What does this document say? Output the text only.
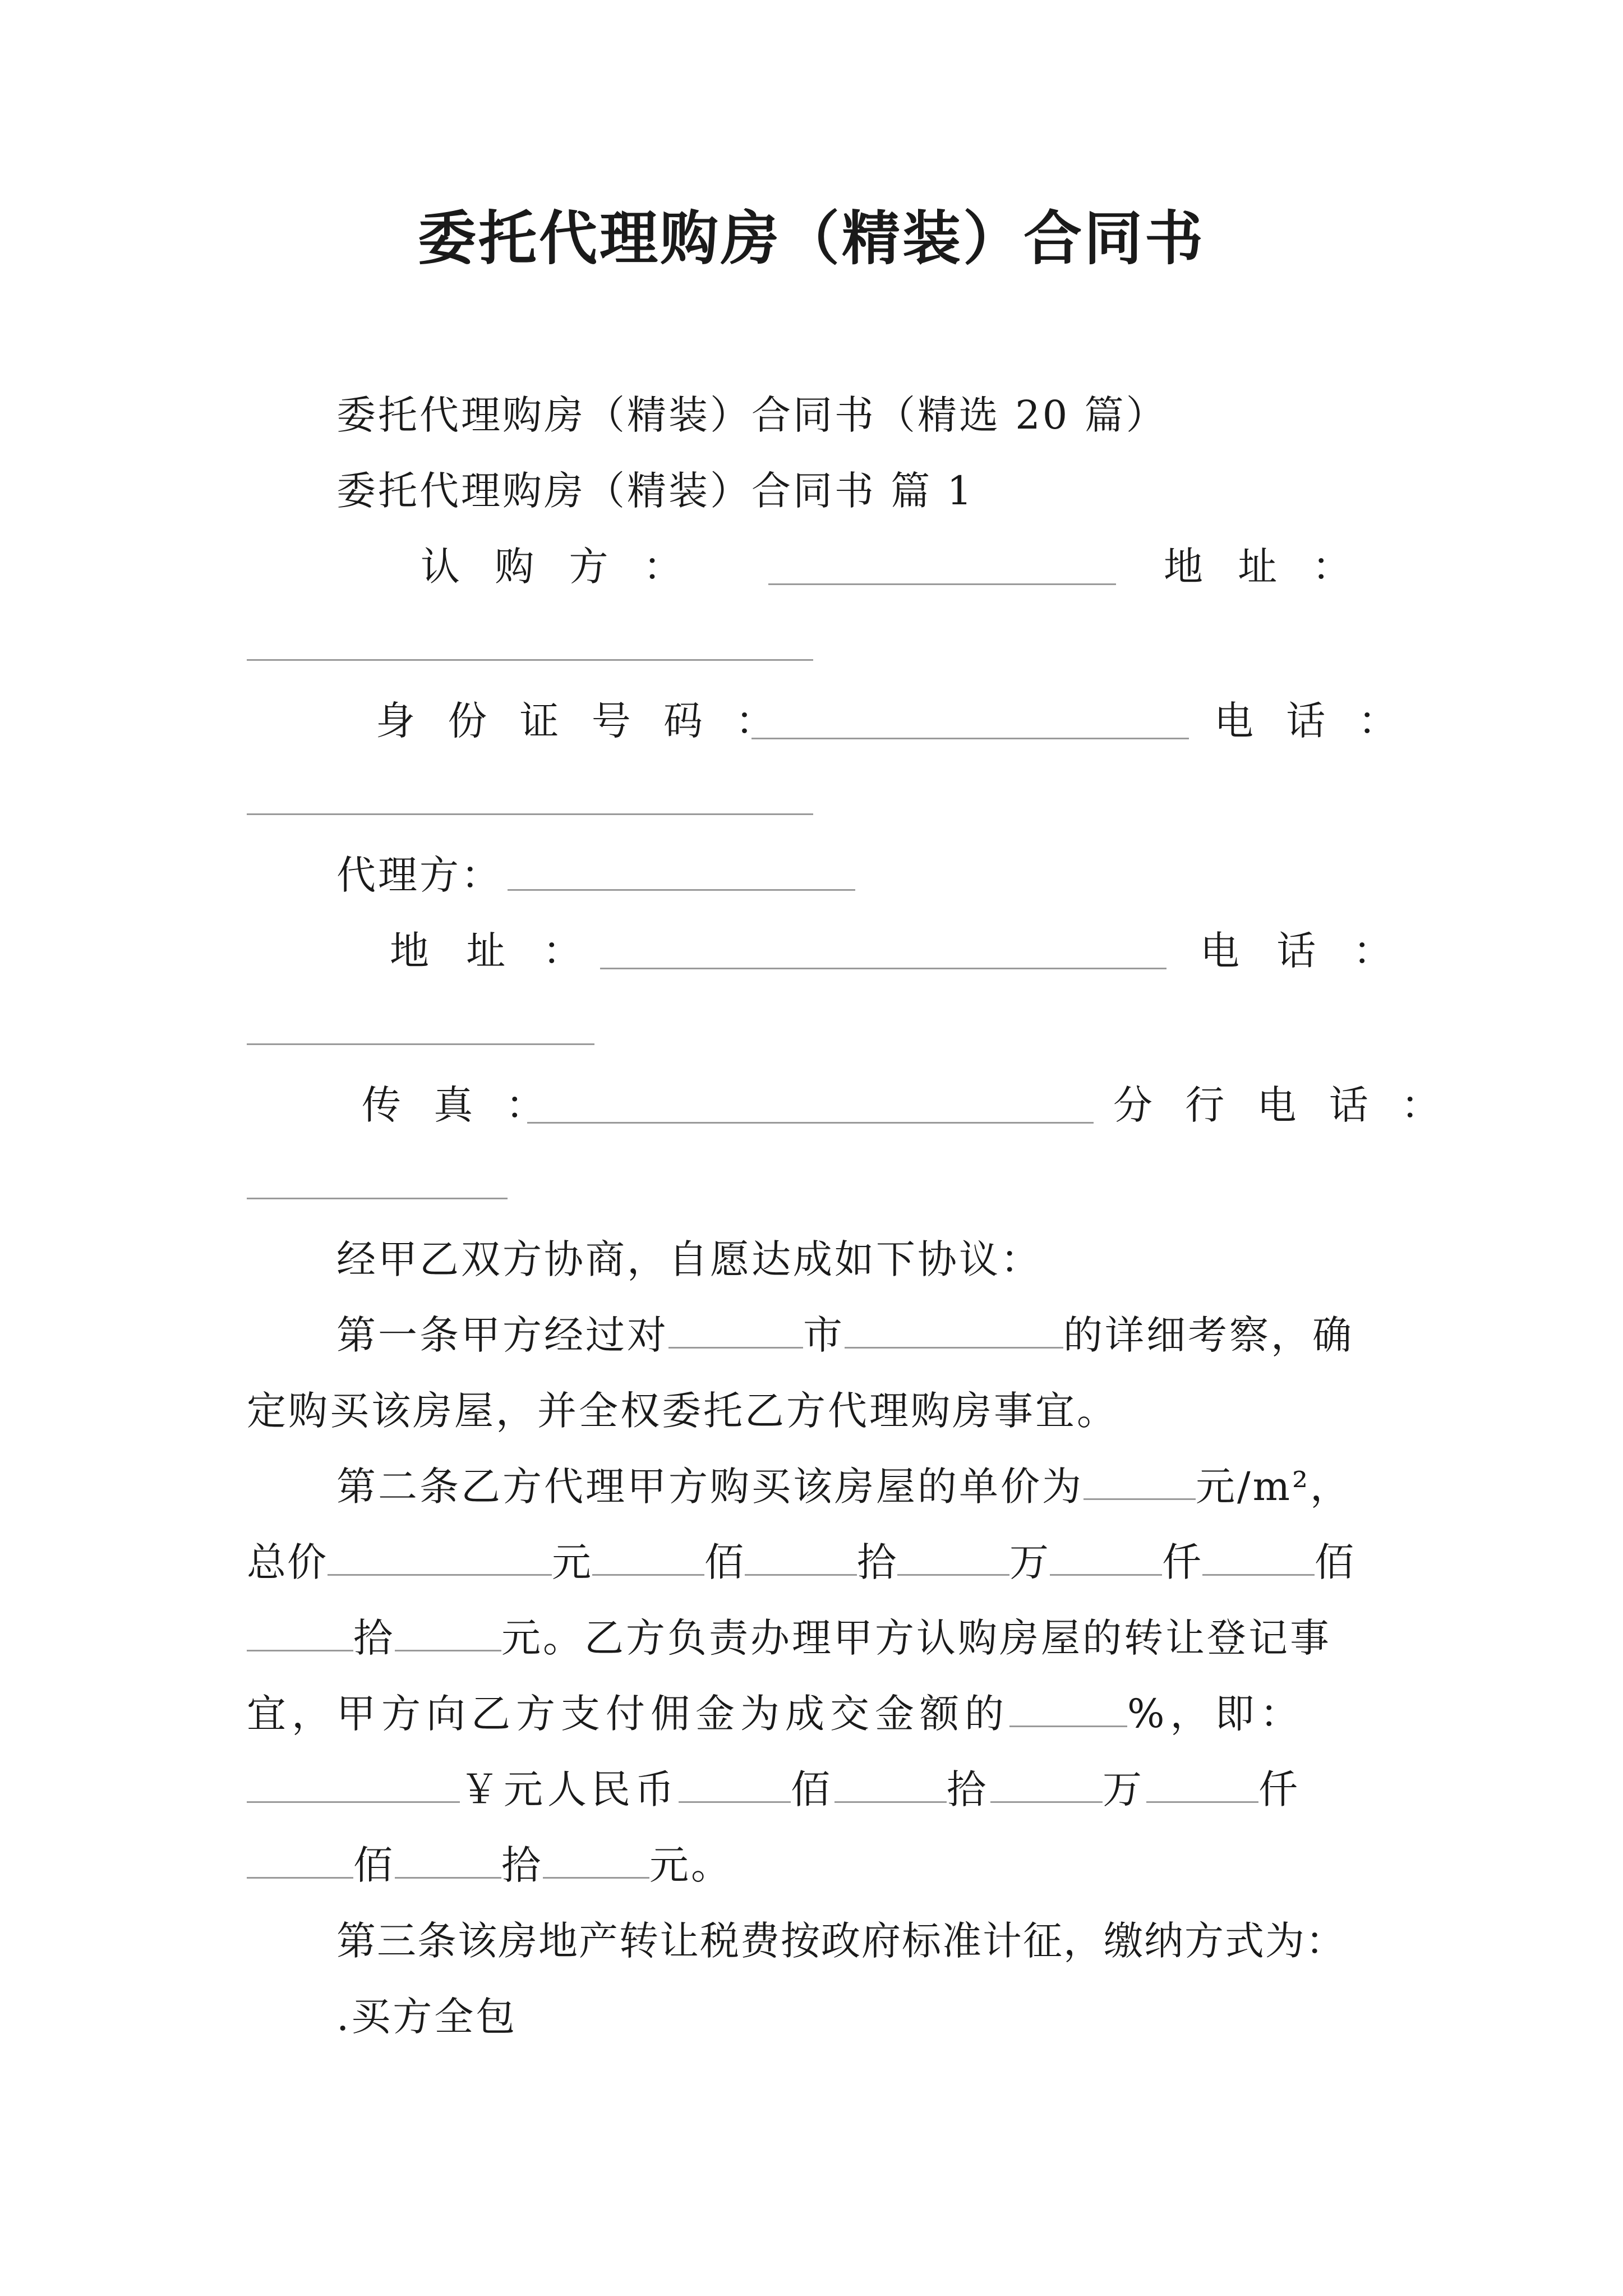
委托代理购房（精装）合同书
委托代理购房（精装）合同书（精选 20 篇）
委托代理购房（精装）合同书 篇 1
认 购 方 ：	地 址 ：
身 份 证 号 码 ：	电 话 ：
代理方：
地 址 ：	电 话 ：
传 真 ：	分 行 电 话 ：
经甲乙双方协商，自愿达成如下协议：
第一条甲方经过对	市	的详细考察，确
定购买该房屋，并全权委托乙方代理购房事宜。
第二条乙方代理甲方购买该房屋的单价为	元/m²，
总价	元	佰	拾	万	仟	佰
拾	元。乙方负责办理甲方认购房屋的转让登记事
宜，甲方向乙方支付佣金为成交金额的	%，即：
￥元人民币	佰	拾	万	仟
佰	拾	元。
第三条该房地产转让税费按政府标准计征，缴纳方式为：
.买方全包
